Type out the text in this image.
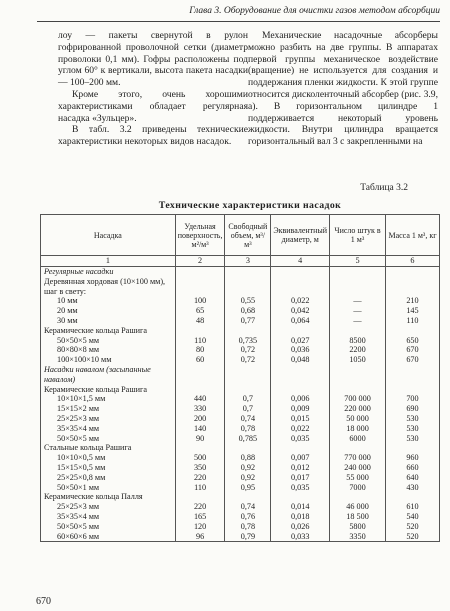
Глава 3. Оборудование для очистки газов методом абсорбции

лоу — пакеты свернутой в рулон гофрированной проволочной сетки (диаметр проволоки 0,1 мм). Гофры расположены под углом 60° к вертикали, высота пакета насадки — 100–200 мм.

Кроме этого, очень хорошими характеристиками обладает регулярная насадка «Зульцер».

В табл. 3.2 приведены технические характеристики некоторых видов насадок.

Механические насадочные абсорберы можно разбить на две группы. В аппаратах первой группы механическое воздействие (вращение) не используется для создания и поддержания пленки жидкости. К этой группе относится дисколенточный абсорбер (рис. 3.9, а). В горизонтальном цилиндре 1 поддерживается некоторый уровень жидкости. Внутри цилиндра вращается горизонтальный вал 3 с закрепленными на

Таблица 3.2
Технические характеристики насадок
Насадка	Удельная поверхность, м²/м³	Свободный объем, м³/м³	Эквивалентный диаметр, м	Число штук в 1 м³	Масса 1 м³, кг
1	2	3	4	5	6
Регулярные насадки					
Деревянная хордовая (10×100 мм), шаг в свету:					
10 мм	100	0,55	0,022	—	210
20 мм	65	0,68	0,042	—	145
30 мм	48	0,77	0,064	—	110
Керамические кольца Рашига					
50×50×5 мм	110	0,735	0,027	8500	650
80×80×8 мм	80	0,72	0,036	2200	670
100×100×10 мм	60	0,72	0,048	1050	670
Насадки навалом (засыпанные навалом)					
Керамические кольца Рашига					
10×10×1,5 мм	440	0,7	0,006	700 000	700
15×15×2 мм	330	0,7	0,009	220 000	690
25×25×3 мм	200	0,74	0,015	50 000	530
35×35×4 мм	140	0,78	0,022	18 000	530
50×50×5 мм	90	0,785	0,035	6000	530
Стальные кольца Рашига					
10×10×0,5 мм	500	0,88	0,007	770 000	960
15×15×0,5 мм	350	0,92	0,012	240 000	660
25×25×0,8 мм	220	0,92	0,017	55 000	640
50×50×1 мм	110	0,95	0,035	7000	430
Керамические кольца Палля					
25×25×3 мм	220	0,74	0,014	46 000	610
35×35×4 мм	165	0,76	0,018	18 500	540
50×50×5 мм	120	0,78	0,026	5800	520
60×60×6 мм	96	0,79	0,033	3350	520
670
